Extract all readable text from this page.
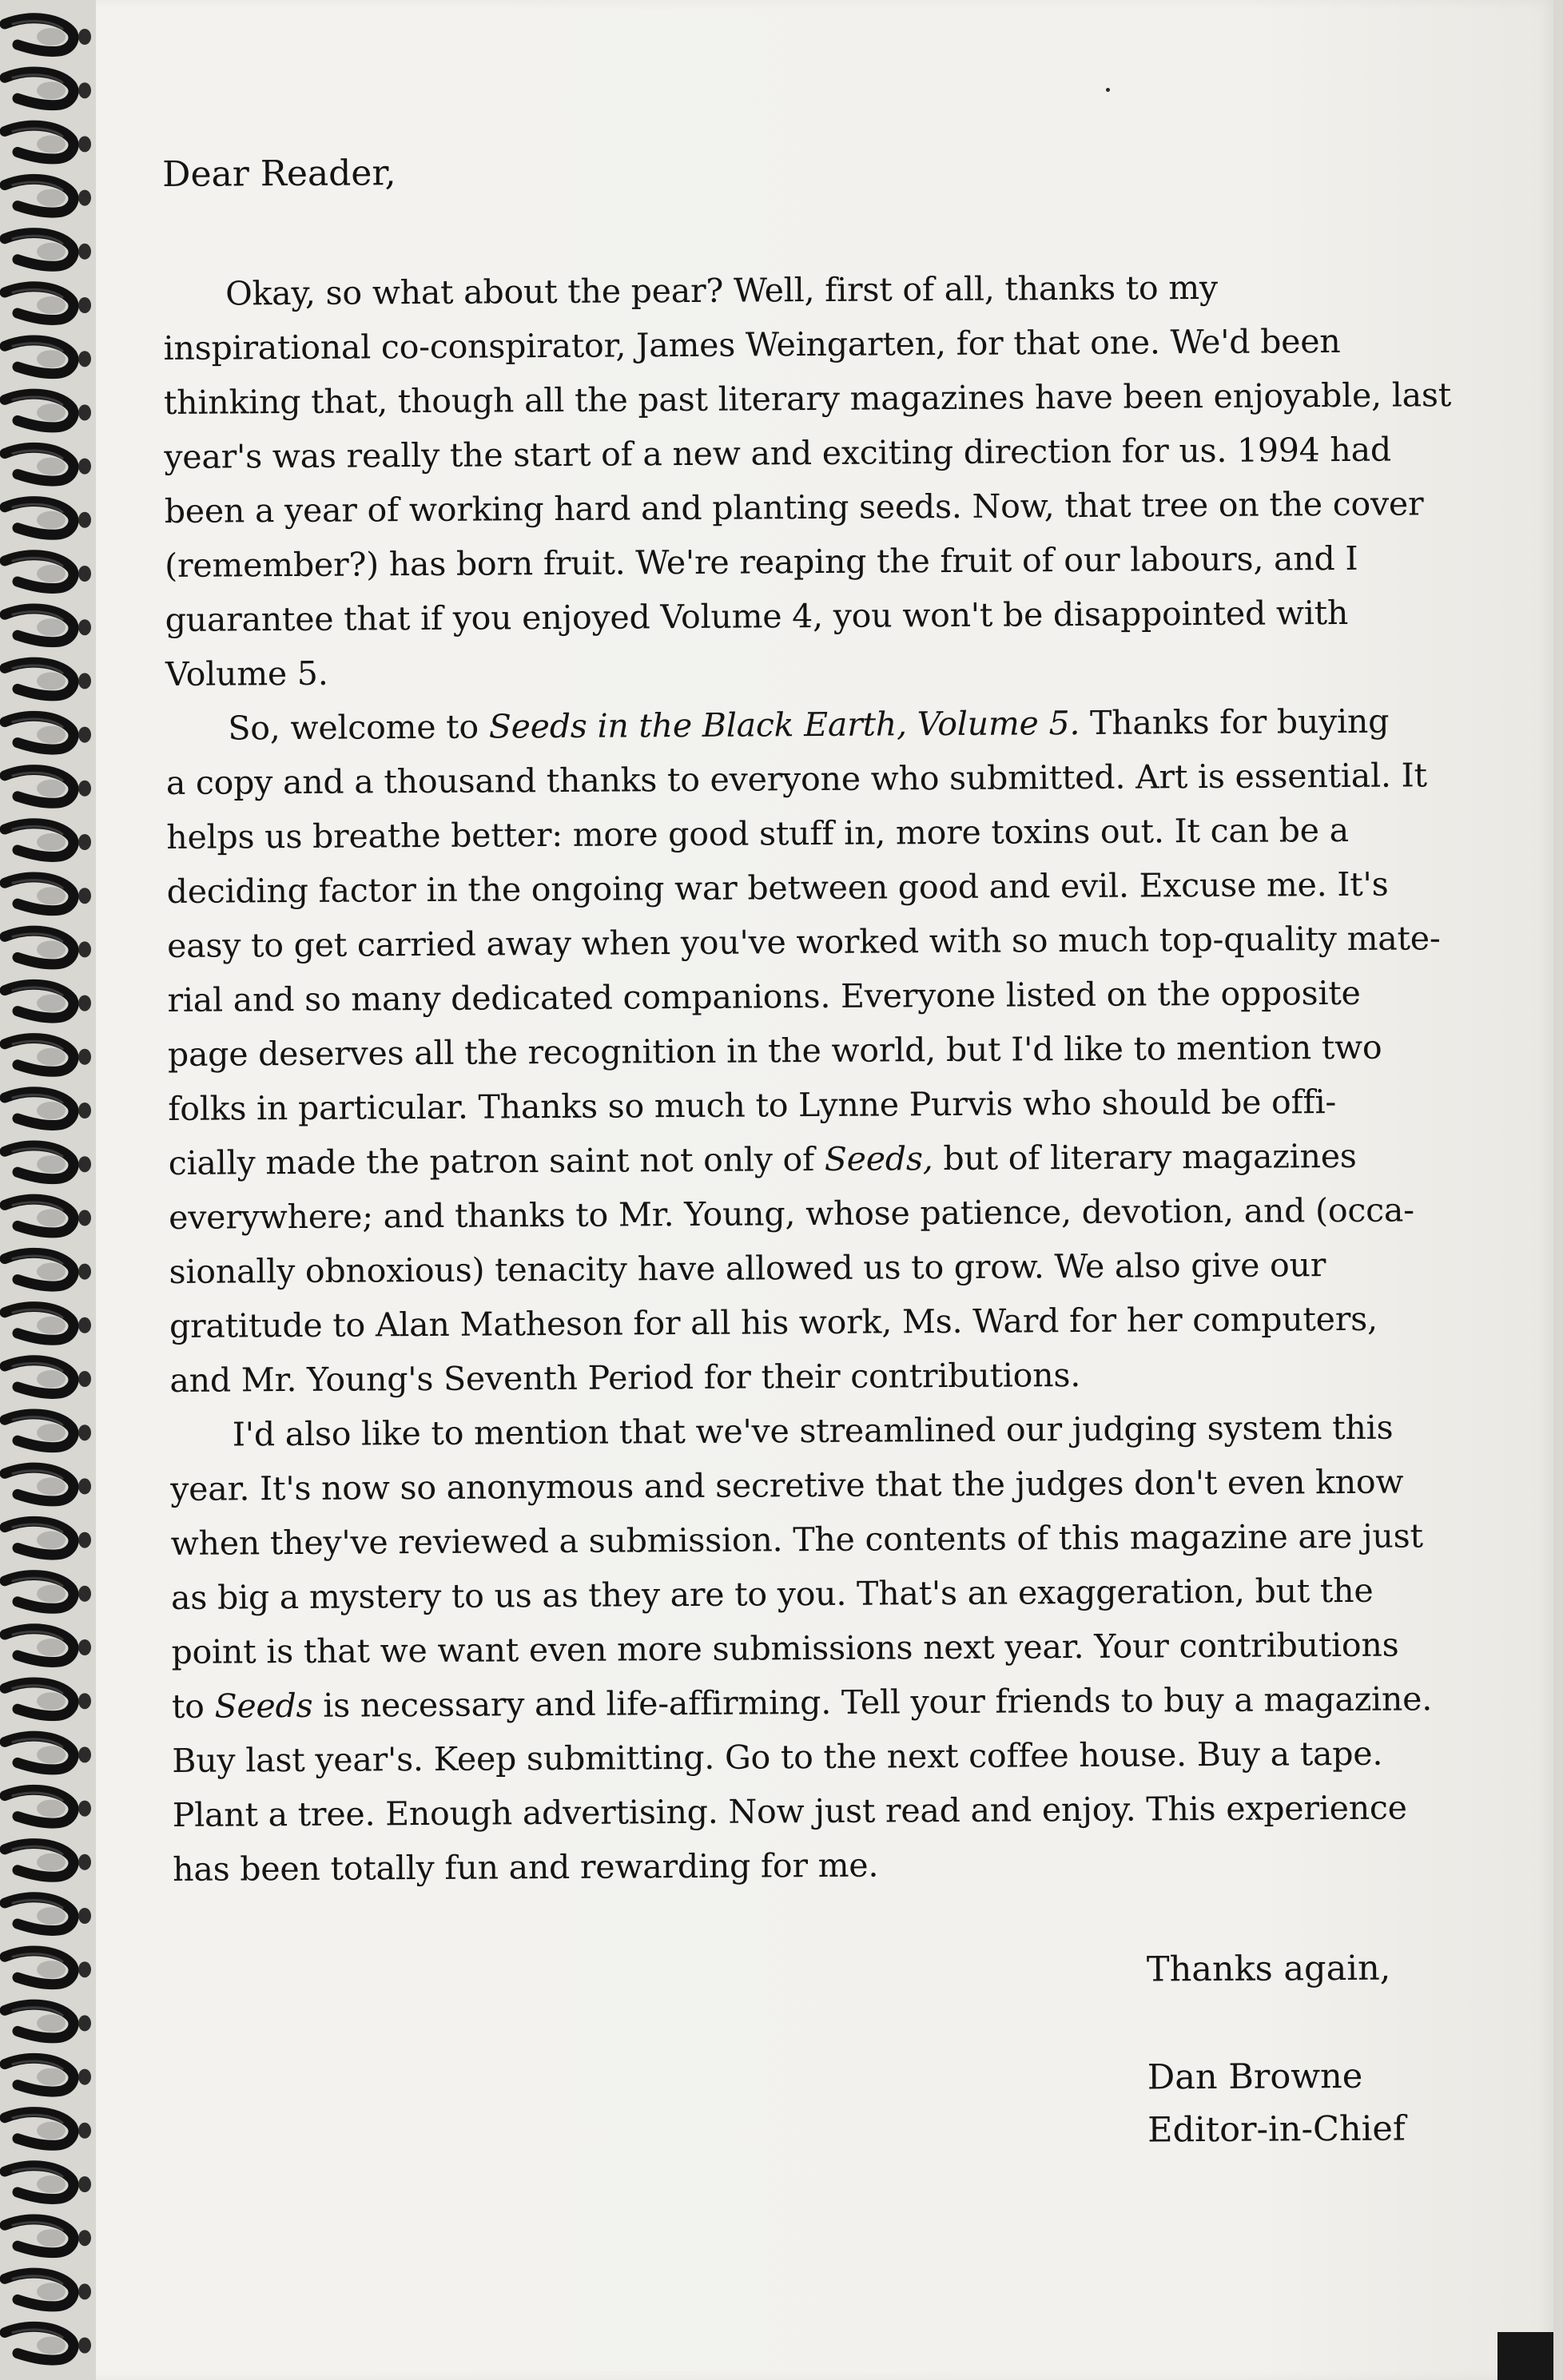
Dear Reader,

Okay, so what about the pear? Well, first of all, thanks to my

inspirational co-conspirator, James Weingarten, for that one. We'd been

thinking that, though all the past literary magazines have been enjoyable, last

year's was really the start of a new and exciting direction for us. 1994 had

been a year of working hard and planting seeds. Now, that tree on the cover

(remember?) has born fruit. We're reaping the fruit of our labours, and I

guarantee that if you enjoyed Volume 4, you won't be disappointed with

Volume 5.

So, welcome to Seeds in the Black Earth, Volume 5. Thanks for buying

a copy and a thousand thanks to everyone who submitted. Art is essential. It

helps us breathe better: more good stuff in, more toxins out. It can be a

deciding factor in the ongoing war between good and evil. Excuse me. It's

easy to get carried away when you've worked with so much top-quality mate-

rial and so many dedicated companions. Everyone listed on the opposite

page deserves all the recognition in the world, but I'd like to mention two

folks in particular. Thanks so much to Lynne Purvis who should be offi-

cially made the patron saint not only of Seeds, but of literary magazines

everywhere; and thanks to Mr. Young, whose patience, devotion, and (occa-

sionally obnoxious) tenacity have allowed us to grow. We also give our

gratitude to Alan Matheson for all his work, Ms. Ward for her computers,

and Mr. Young's Seventh Period for their contributions.

I'd also like to mention that we've streamlined our judging system this

year. It's now so anonymous and secretive that the judges don't even know

when they've reviewed a submission. The contents of this magazine are just

as big a mystery to us as they are to you. That's an exaggeration, but the

point is that we want even more submissions next year. Your contributions

to Seeds is necessary and life-affirming. Tell your friends to buy a magazine.

Buy last year's. Keep submitting. Go to the next coffee house. Buy a tape.

Plant a tree. Enough advertising. Now just read and enjoy. This experience

has been totally fun and rewarding for me.

Thanks again,

Dan Browne

Editor-in-Chief
